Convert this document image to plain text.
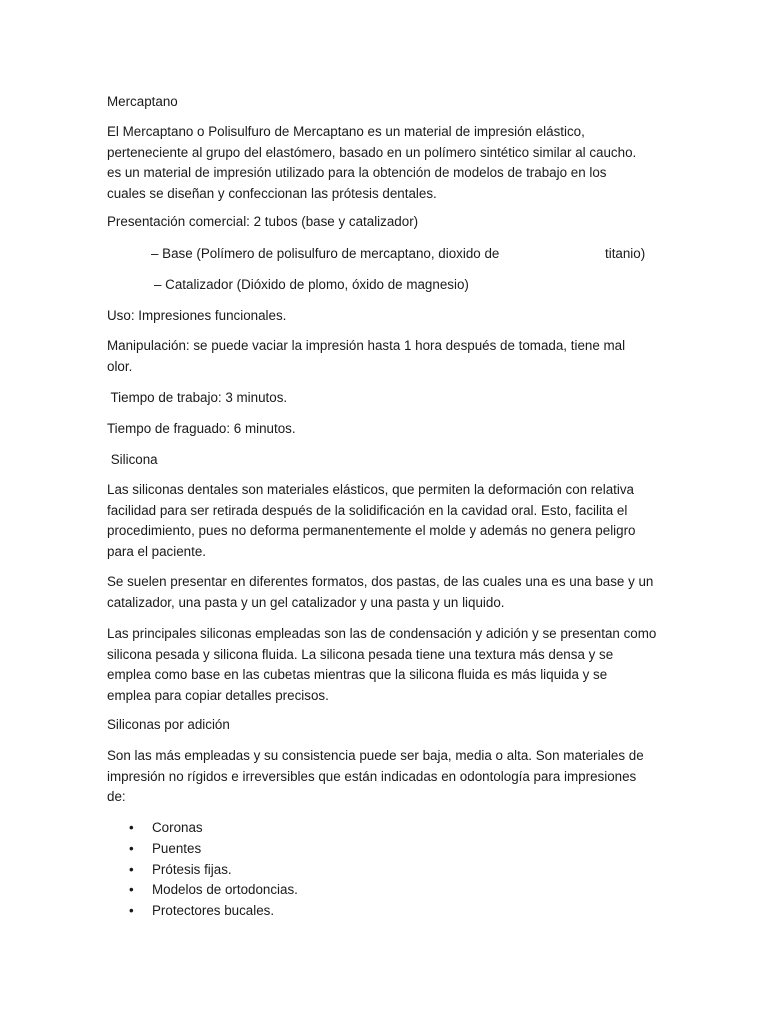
Mercaptano

El Mercaptano o Polisulfuro de Mercaptano es un material de impresión elástico,
perteneciente al grupo del elastómero, basado en un polímero sintético similar al caucho.
es un material de impresión utilizado para la obtención de modelos de trabajo en los
cuales se diseñan y confeccionan las prótesis dentales.

Presentación comercial: 2 tubos (base y catalizador)

– Base (Polímero de polisulfuro de mercaptano, dioxido de	titanio)

– Catalizador (Dióxido de plomo, óxido de magnesio)

Uso: Impresiones funcionales.

Manipulación: se puede vaciar la impresión hasta 1 hora después de tomada, tiene mal
olor.

Tiempo de trabajo: 3 minutos.

Tiempo de fraguado: 6 minutos.

Silicona

Las siliconas dentales son materiales elásticos, que permiten la deformación con relativa
facilidad para ser retirada después de la solidificación en la cavidad oral. Esto, facilita el
procedimiento, pues no deforma permanentemente el molde y además no genera peligro
para el paciente.

Se suelen presentar en diferentes formatos, dos pastas, de las cuales una es una base y un
catalizador, una pasta y un gel catalizador y una pasta y un liquido.

Las principales siliconas empleadas son las de condensación y adición y se presentan como
silicona pesada y silicona fluida. La silicona pesada tiene una textura más densa y se
emplea como base en las cubetas mientras que la silicona fluida es más liquida y se
emplea para copiar detalles precisos.

Siliconas por adición

Son las más empleadas y su consistencia puede ser baja, media o alta. Son materiales de
impresión no rígidos e irreversibles que están indicadas en odontología para impresiones
de:

• Coronas
• Puentes
• Prótesis fijas.
• Modelos de ortodoncias.
• Protectores bucales.
